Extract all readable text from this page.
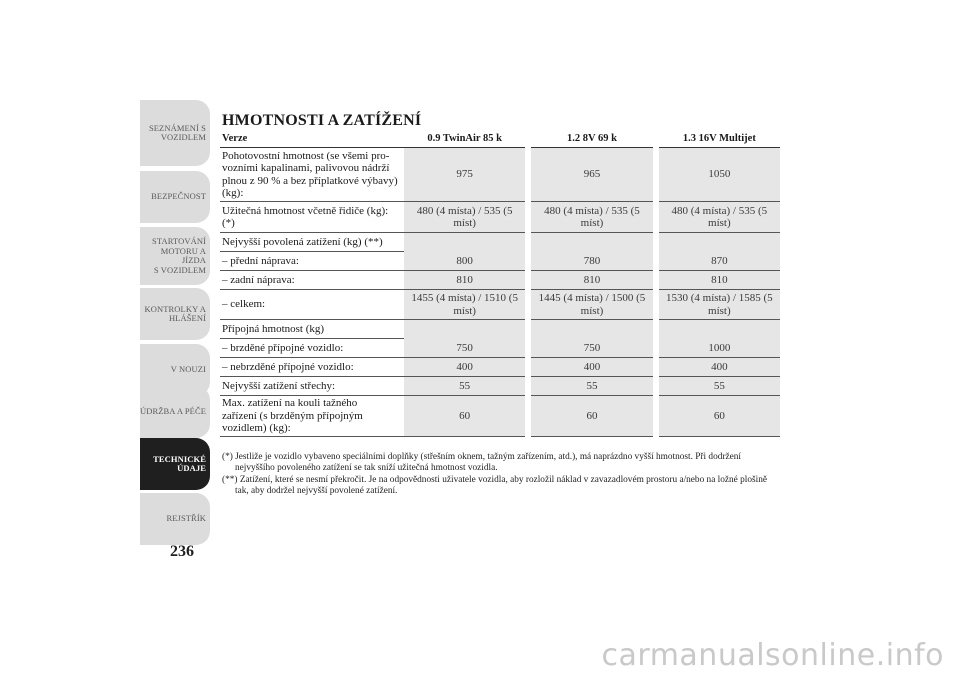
SEZNÁMENÍ S
VOZIDLEM
BEZPEČNOST
STARTOVÁNÍ
MOTORU A JÍZDA
S VOZIDLEM
KONTROLKY A
HLÁŠENÍ
V NOUZI
ÚDRŽBA A PÉČE
TECHNICKÉ
ÚDAJE
REJSTŘÍK
236
HMOTNOSTI A ZATÍŽENÍ
Verze	0.9 TwinAir 85 k		1.2 8V 69 k		1.3 16V Multijet
Pohotovostní hmotnost (se všemi pro-
vozními kapalinami, palivovou nádrží
plnou z 90 % a bez příplatkové výbavy)
(kg):	975		965		1050
Užitečná hmotnost včetně řidiče (kg):
(*)	480 (4 místa) / 535 (5
míst)		480 (4 místa) / 535 (5
míst)		480 (4 místa) / 535 (5
míst)
Nejvyšší povolená zatížení (kg) (**)					
– přední náprava:	800		780		870
– zadní náprava:	810		810		810
– celkem:	1455 (4 místa) / 1510 (5
míst)		1445 (4 místa) / 1500 (5
míst)		1530 (4 místa) / 1585 (5
míst)
Přípojná hmotnost (kg)					
– brzděné přípojné vozidlo:	750		750		1000
– nebrzděné přípojné vozidlo:	400		400		400
Nejvyšší zatížení střechy:	55		55		55
Max. zatížení na kouli tažného
zařízení (s brzděným přípojným
vozidlem) (kg):	60		60		60
(*) Jestliže je vozidlo vybaveno speciálními doplňky (střešním oknem, tažným zařízením, atd.), má naprázdno vyšší hmotnost. Při dodržení nejvyššího povoleného zatížení se tak sníží užitečná hmotnost vozidla.
(**) Zatížení, které se nesmí překročit. Je na odpovědnosti uživatele vozidla, aby rozložil náklad v zavazadlovém prostoru a/nebo na ložné plošině tak, aby dodržel nejvyšší povolené zatížení.
carmanualsonline.info
